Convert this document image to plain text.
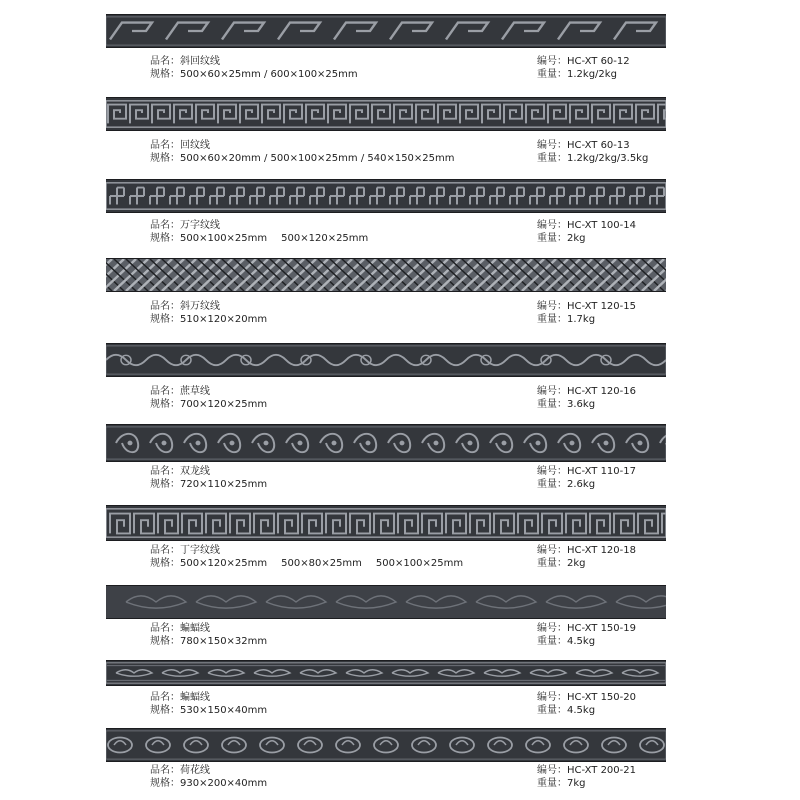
品名：斜回纹线
规格：500×60×25mm / 600×100×25mm
编号：HC-XT 60-12
重量：1.2kg/2kg
品名：回纹线
规格：500×60×20mm / 500×100×25mm / 540×150×25mm
编号：HC-XT 60-13
重量：1.2kg/2kg/3.5kg
品名：万字纹线
规格：500×100×25mm 500×120×25mm
编号：HC-XT 100-14
重量：2kg
品名：斜万纹线
规格：510×120×20mm
编号：HC-XT 120-15
重量：1.7kg
品名：蔗草线
规格：700×120×25mm
编号：HC-XT 120-16
重量：3.6kg
品名：双龙线
规格：720×110×25mm
编号：HC-XT 110-17
重量：2.6kg
品名：丁字纹线
规格：500×120×25mm 500×80×25mm 500×100×25mm
编号：HC-XT 120-18
重量：2kg
品名：蝙蝠线
规格：780×150×32mm
编号：HC-XT 150-19
重量：4.5kg
品名：蝙蝠线
规格：530×150×40mm
编号：HC-XT 150-20
重量：4.5kg
品名：荷花线
规格：930×200×40mm
编号：HC-XT 200-21
重量：7kg
